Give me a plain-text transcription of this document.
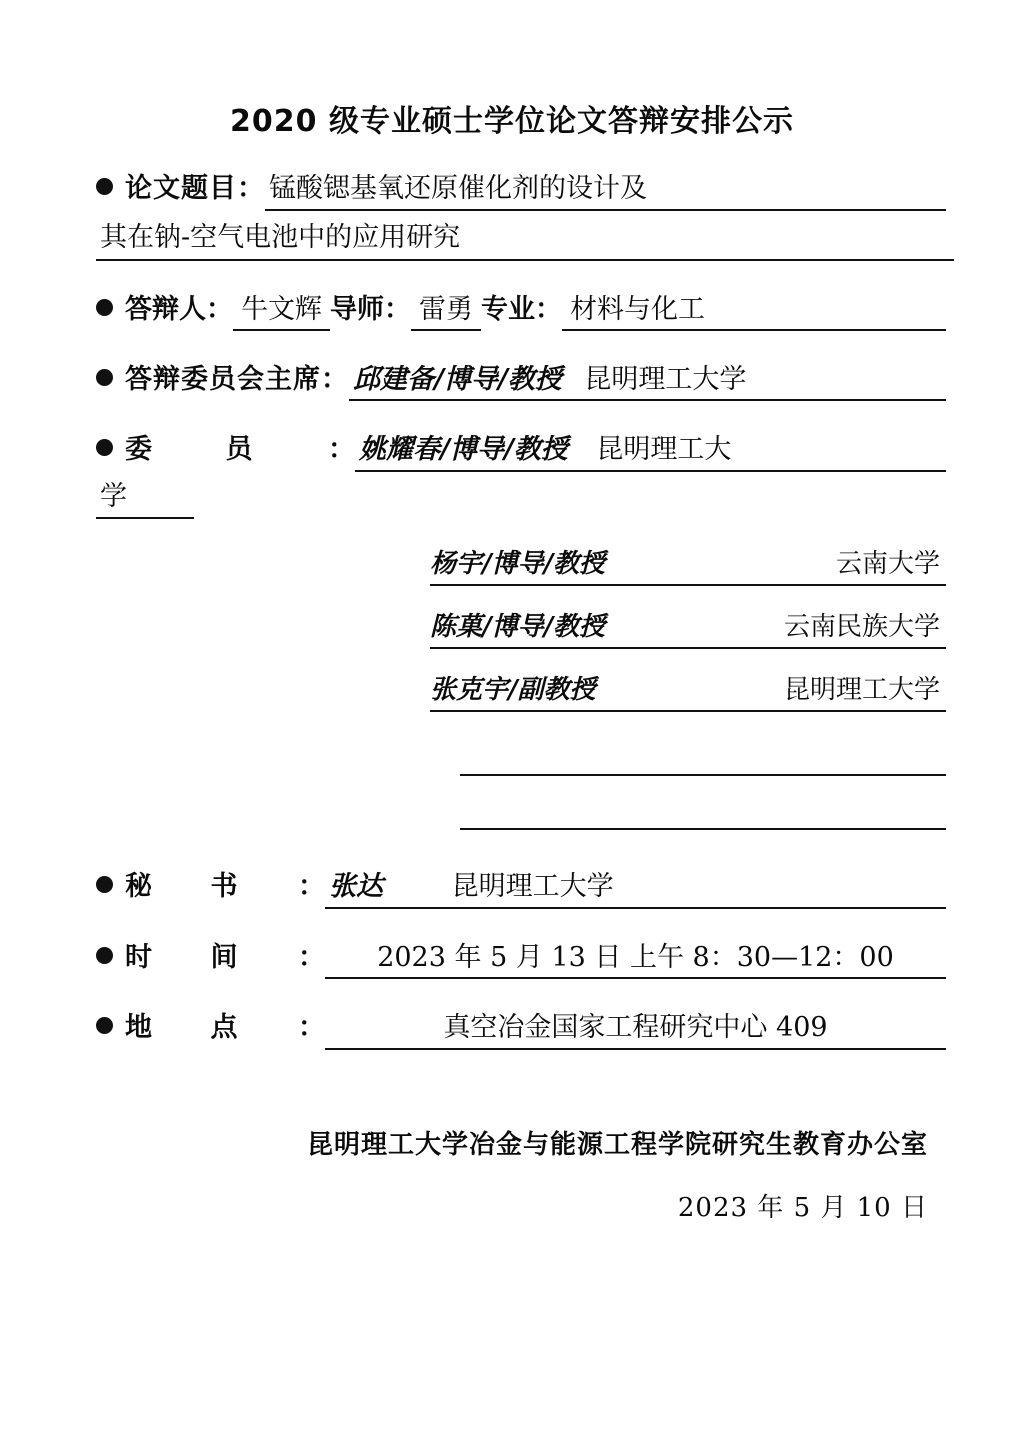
2020 级专业硕士学位论文答辩安排公示
论文题目： 锰酸锶基氧还原催化剂的设计及
其在钠-空气电池中的应用研究
答辩人： 牛文辉 导师： 雷勇 专业： 材料与化工
答辩委员会主席： 邱建备/博导/教授 昆明理工大学
委	员	： 姚耀春/博导/教授 昆明理工大
学
杨宇/博导/教授	云南大学
陈菓/博导/教授	云南民族大学
张克宇/副教授	昆明理工大学
秘 书 ： 张达	昆明理工大学
时 间 ：	2023 年 5 月 13 日 上午 8：30—12：00
地 点 ：	真空冶金国家工程研究中心 409
昆明理工大学冶金与能源工程学院研究生教育办公室
2023 年 5 月 10 日
